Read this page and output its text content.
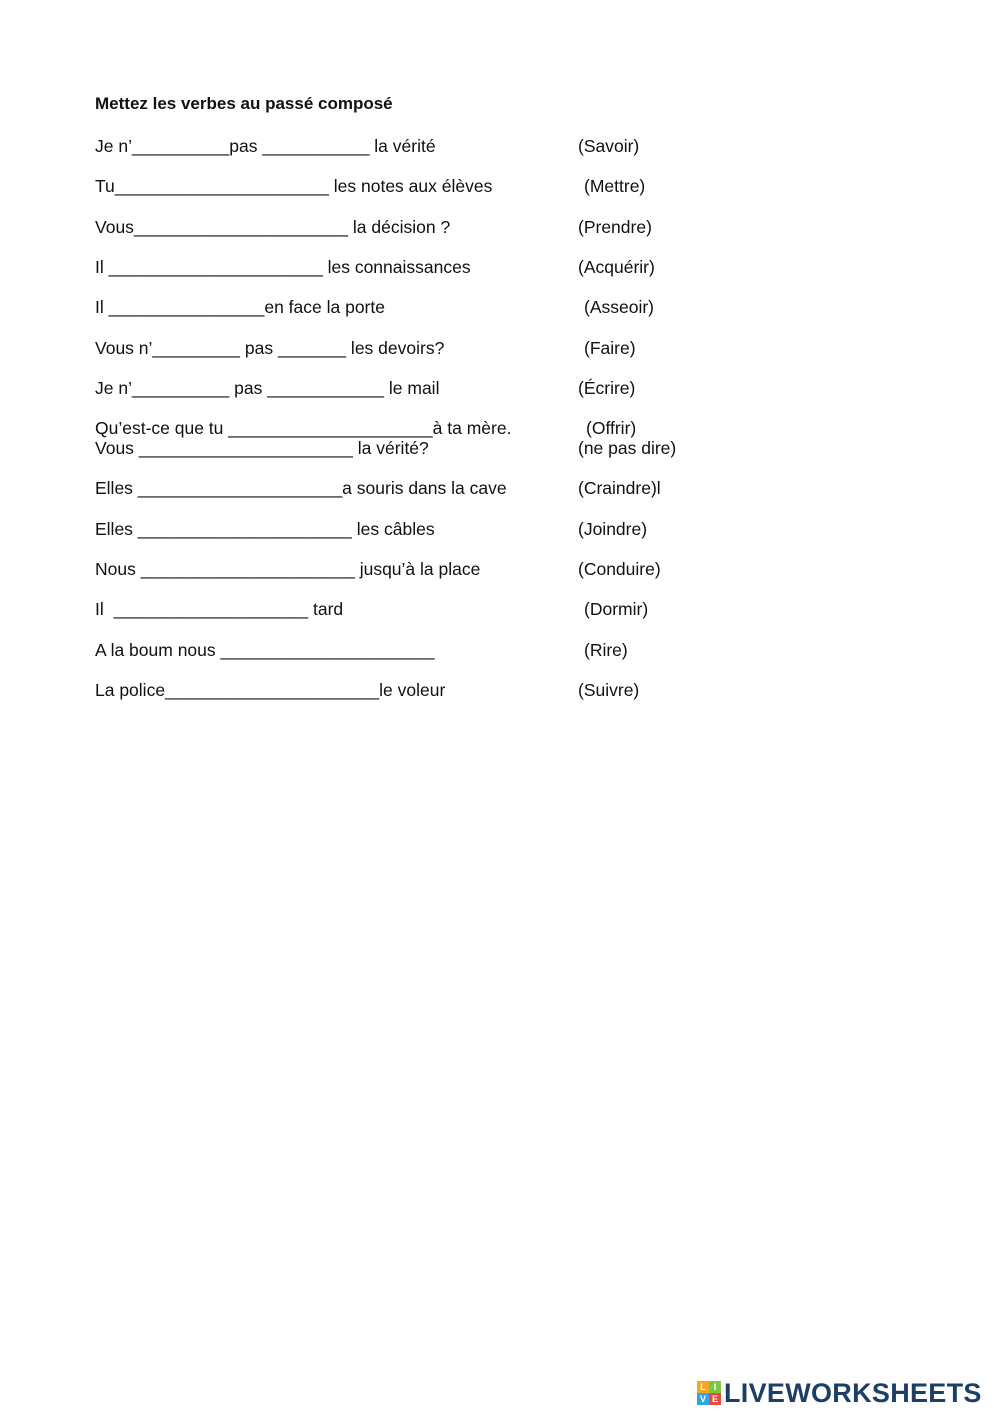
Mettez les verbes au passé composé
Je n’__________pas ___________ la vérité	(Savoir)
Tu______________________ les notes aux élèves	(Mettre)
Vous______________________ la décision ?	(Prendre)
Il ______________________ les connaissances	(Acquérir)
Il ________________en face la porte	(Asseoir)
Vous n’_________ pas _______ les devoirs?	(Faire)
Je n’__________ pas ____________ le mail	(Écrire)
Qu’est-ce que tu _____________________à ta mère.	(Offrir)
Vous ______________________ la vérité?	(ne pas dire)
Elles _____________________a souris dans la cave	(Craindre)l
Elles ______________________ les câbles	(Joindre)
Nous ______________________ jusqu’à la place	(Conduire)
Il  ____________________ tard	(Dormir)
A la boum nous ______________________	(Rire)
La police______________________le voleur	(Suivre)
L I
V E LIVEWORKSHEETS
